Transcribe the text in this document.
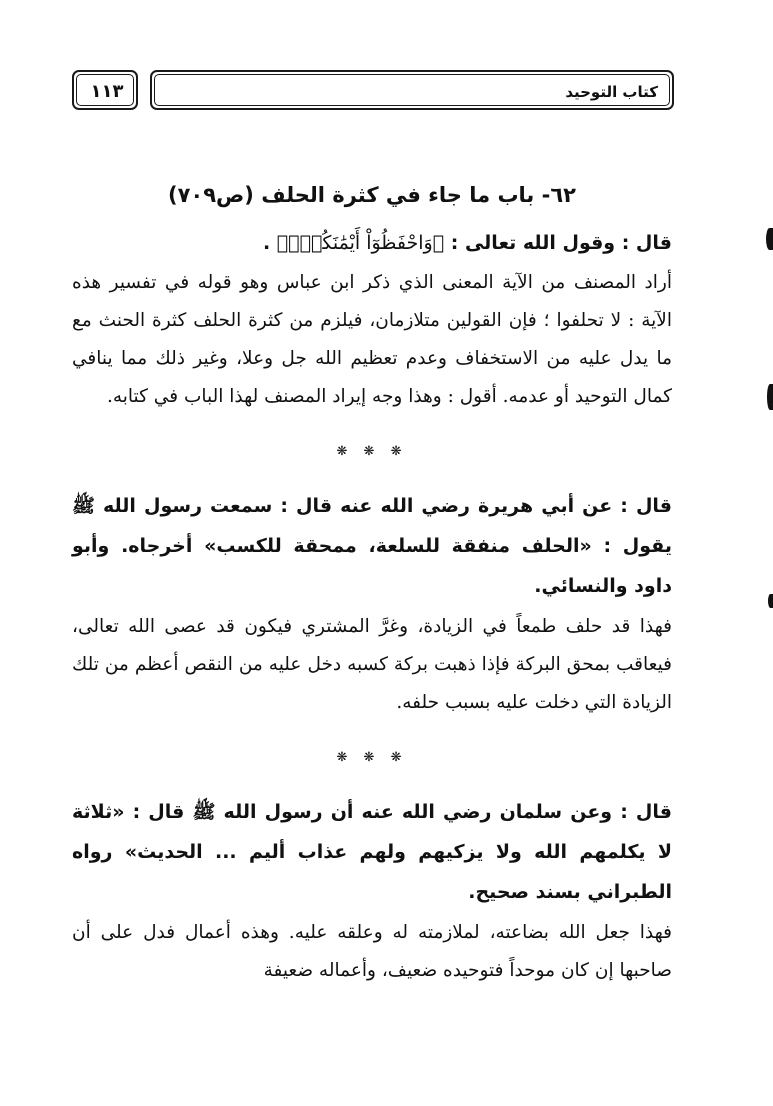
كتاب التوحيد
١١٣
٦٢- باب ما جاء في كثرة الحلف (ص٧٠٩)

قال : وقول الله تعالى : ﴿وَاحْفَظُوٓاْ أَيْمَٰنَكُمْۚ﴾ .

أراد المصنف من الآية المعنى الذي ذكر ابن عباس وهو قوله في تفسير هذه الآية : لا تحلفوا ؛ فإن القولين متلازمان، فيلزم من كثرة الحلف كثرة الحنث مع ما يدل عليه من الاستخفاف وعدم تعظيم الله جل وعلا، وغير ذلك مما ينافي كمال التوحيد أو عدمه. أقول : وهذا وجه إيراد المصنف لهذا الباب في كتابه.

❋ ❋ ❋

قال : عن أبي هريرة رضي الله عنه قال : سمعت رسول الله ﷺ يقول : «الحلف منفقة للسلعة، ممحقة للكسب» أخرجاه. وأبو داود والنسائي.

فهذا قد حلف طمعاً في الزيادة، وغرَّ المشتري فيكون قد عصى الله تعالى، فيعاقب بمحق البركة فإذا ذهبت بركة كسبه دخل عليه من النقص أعظم من تلك الزيادة التي دخلت عليه بسبب حلفه.

❋ ❋ ❋

قال : وعن سلمان رضي الله عنه أن رسول الله ﷺ قال : «ثلاثة لا يكلمهم الله ولا يزكيهم ولهم عذاب أليم ... الحديث» رواه الطبراني بسند صحيح.

فهذا جعل الله بضاعته، لملازمته له وعلقه عليه. وهذه أعمال فدل على أن صاحبها إن كان موحداً فتوحيده ضعيف، وأعماله ضعيفة
